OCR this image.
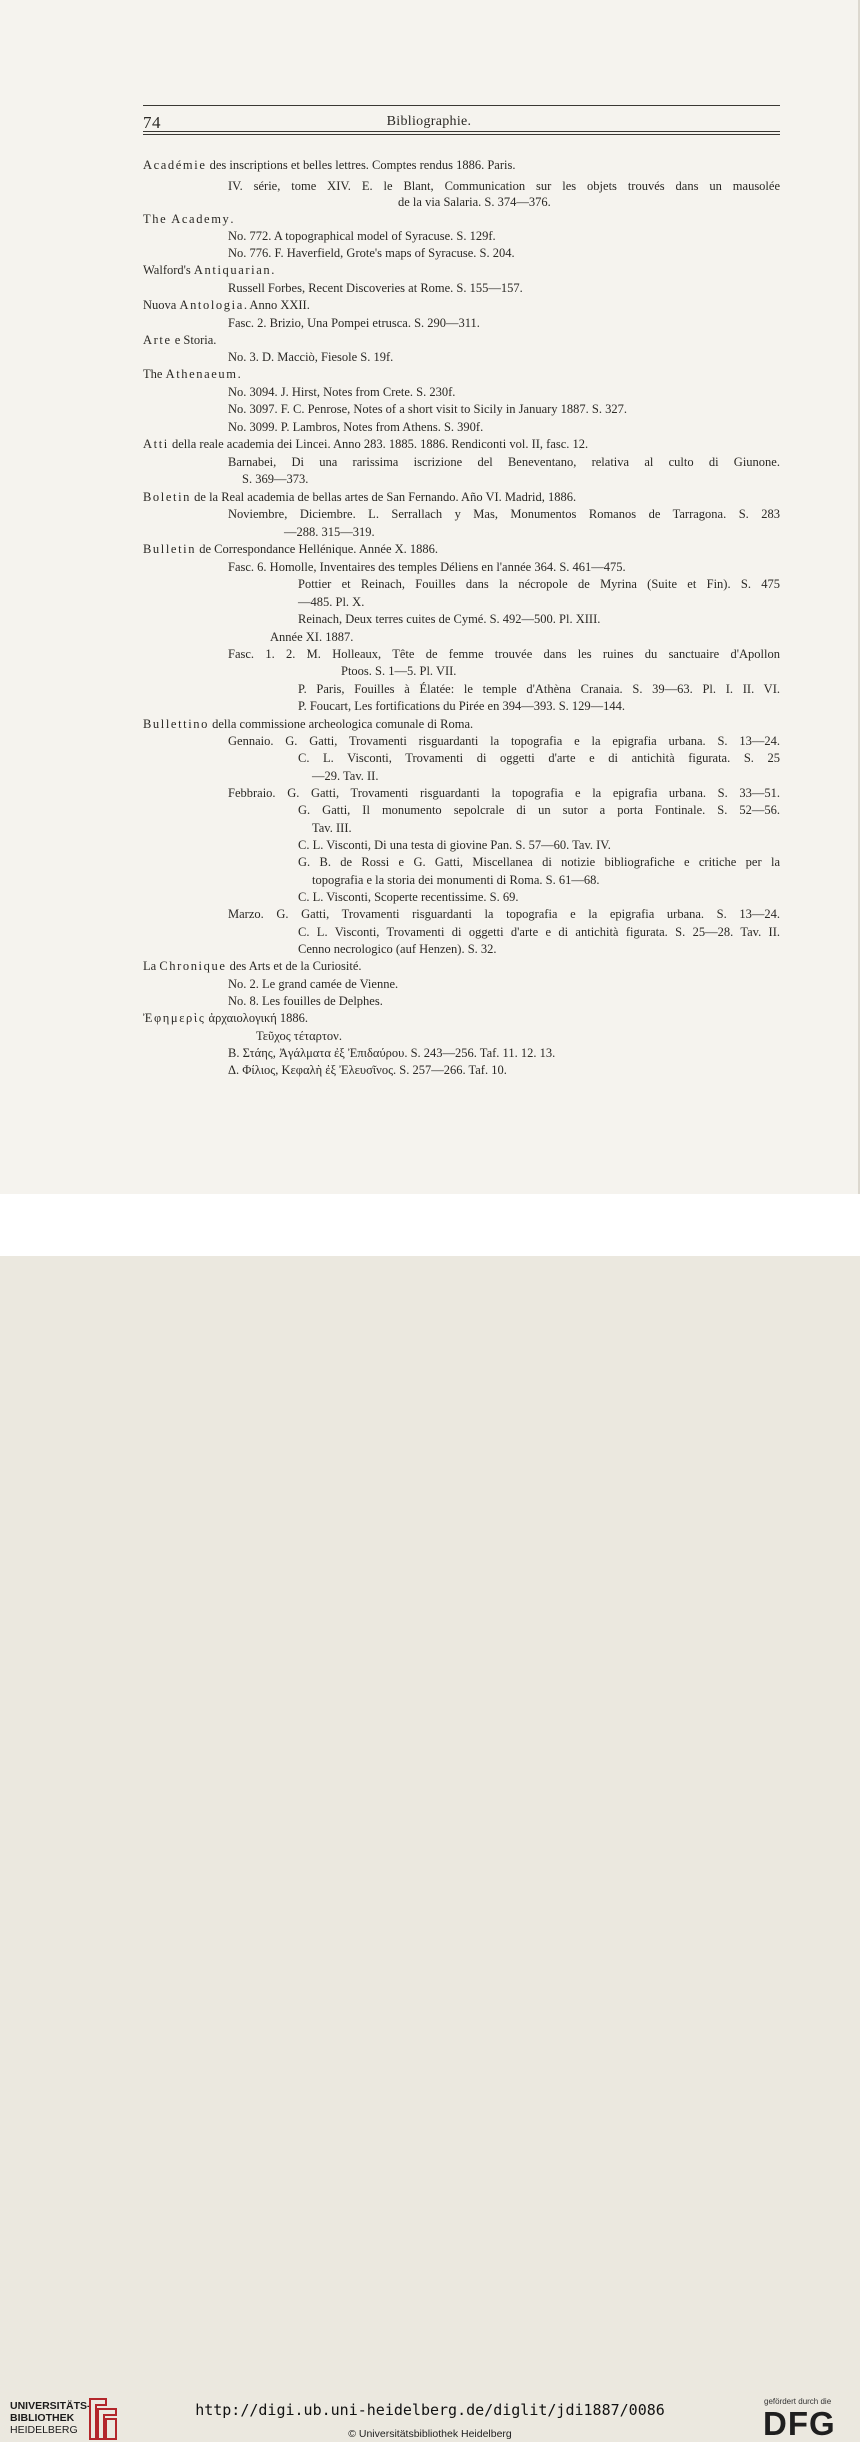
74	Bibliographie.
Académie des inscriptions et belles lettres. Comptes rendus 1886. Paris.
IV. série, tome XIV. E. le Blant, Communication sur les objets trouvés dans un mausolée
de la via Salaria. S. 374—376.
The Academy.
No. 772. A topographical model of Syracuse. S. 129f.
No. 776. F. Haverfield, Grote's maps of Syracuse. S. 204.
Walford's Antiquarian.
Russell Forbes, Recent Discoveries at Rome. S. 155—157.
Nuova Antologia. Anno XXII.
Fasc. 2. Brizio, Una Pompei etrusca. S. 290—311.
Arte e Storia.
No. 3. D. Macciò, Fiesole S. 19f.
The Athenaeum.
No. 3094. J. Hirst, Notes from Crete. S. 230f.
No. 3097. F. C. Penrose, Notes of a short visit to Sicily in January 1887. S. 327.
No. 3099. P. Lambros, Notes from Athens. S. 390f.
Atti della reale academia dei Lincei. Anno 283. 1885. 1886. Rendiconti vol. II, fasc. 12.
Barnabei, Di una rarissima iscrizione del Beneventano, relativa al culto di Giunone.
S. 369—373.
Boletin de la Real academia de bellas artes de San Fernando. Año VI. Madrid, 1886.
Noviembre, Diciembre. L. Serrallach y Mas, Monumentos Romanos de Tarragona. S. 283
—288. 315—319.
Bulletin de Correspondance Hellénique. Année X. 1886.
Fasc. 6. Homolle, Inventaires des temples Déliens en l'année 364. S. 461—475.
Pottier et Reinach, Fouilles dans la nécropole de Myrina (Suite et Fin). S. 475
—485. Pl. X.
Reinach, Deux terres cuites de Cymé. S. 492—500. Pl. XIII.
Année XI. 1887.
Fasc. 1. 2. M. Holleaux, Tête de femme trouvée dans les ruines du sanctuaire d'Apollon
Ptoos. S. 1—5. Pl. VII.
P. Paris, Fouilles à Élatée: le temple d'Athèna Cranaia. S. 39—63. Pl. I. II. VI.
P. Foucart, Les fortifications du Pirée en 394—393. S. 129—144.
Bullettino della commissione archeologica comunale di Roma.
Gennaio. G. Gatti, Trovamenti risguardanti la topografia e la epigrafia urbana. S. 13—24.
C. L. Visconti, Trovamenti di oggetti d'arte e di antichità figurata. S. 25
—29. Tav. II.
Febbraio. G. Gatti, Trovamenti risguardanti la topografia e la epigrafia urbana. S. 33—51.
G. Gatti, Il monumento sepolcrale di un sutor a porta Fontinale. S. 52—56.
Tav. III.
C. L. Visconti, Di una testa di giovine Pan. S. 57—60. Tav. IV.
G. B. de Rossi e G. Gatti, Miscellanea di notizie bibliografiche e critiche per la
topografia e la storia dei monumenti di Roma. S. 61—68.
C. L. Visconti, Scoperte recentissime. S. 69.
Marzo. G. Gatti, Trovamenti risguardanti la topografia e la epigrafia urbana. S. 13—24.
C. L. Visconti, Trovamenti di oggetti d'arte e di antichità figurata. S. 25—28. Tav. II.
Cenno necrologico (auf Henzen). S. 32.
La Chronique des Arts et de la Curiosité.
No. 2. Le grand camée de Vienne.
No. 8. Les fouilles de Delphes.
Ἐφημερὶς ἀρχαιολογική 1886.
Τεῦχος τέταρτον.
Β. Στάης, Ἀγάλματα ἐξ Ἐπιδαύρου. S. 243—256. Taf. 11. 12. 13.
Δ. Φίλιος, Κεφαλὴ ἐξ Ἐλευσῖνος. S. 257—266. Taf. 10.
UNIVERSITÄTS-
BIBLIOTHEK
HEIDELBERG
http://digi.ub.uni-heidelberg.de/diglit/jdi1887/0086
© Universitätsbibliothek Heidelberg
gefördert durch die
DFG
